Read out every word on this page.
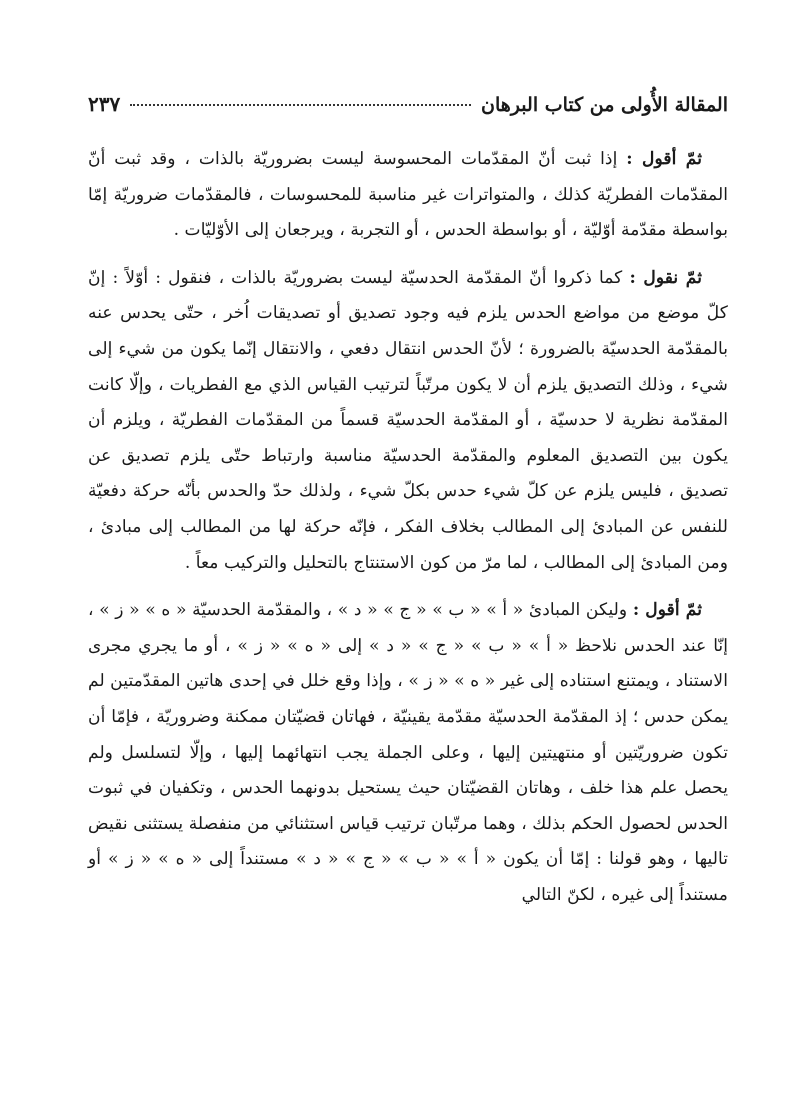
المقالة الأُولى من كتاب البرهان
٢٣٧

ثمّ أقول : إذا ثبت أنّ المقدّمات المحسوسة ليست بضروريّة بالذات ، وقد ثبت أنّ المقدّمات الفطريّة كذلك ، والمتواترات غير مناسبة للمحسوسات ، فالمقدّمات ضروريّة إمّا بواسطة مقدّمة أوّليّة ، أو بواسطة الحدس ، أو التجربة ، ويرجعان إلى الأوّليّات .

ثمّ نقول : كما ذكروا أنّ المقدّمة الحدسيّة ليست بضروريّة بالذات ، فنقول : أوّلاً : إنّ كلّ موضع من مواضع الحدس يلزم فيه وجود تصديق أو تصديقات اُخر ، حتّى يحدس عنه بالمقدّمة الحدسيّة بالضرورة ؛ لأنّ الحدس انتقال دفعي ، والانتقال إنّما يكون من شيء إلى شيء ، وذلك التصديق يلزم أن لا يكون مرتّباً لترتيب القياس الذي مع الفطريات ، وإلّا كانت المقدّمة نظرية لا حدسيّة ، أو المقدّمة الحدسيّة قسماً من المقدّمات الفطريّة ، ويلزم أن يكون بين التصديق المعلوم والمقدّمة الحدسيّة مناسبة وارتباط حتّى يلزم تصديق عن تصديق ، فليس يلزم عن كلّ شيء حدس بكلّ شيء ، ولذلك حدّ والحدس بأنّه حركة دفعيّة للنفس عن المبادئ إلى المطالب بخلاف الفكر ، فإنّه حركة لها من المطالب إلى مبادئ ، ومن المبادئ إلى المطالب ، لما مرّ من كون الاستنتاج بالتحليل والتركيب معاً .

ثمّ أقول : وليكن المبادئ « أ » « ب » « ج » « د » ، والمقدّمة الحدسيّة « ه » « ز » ، إنّا عند الحدس نلاحظ « أ » « ب » « ج » « د » إلى « ه » « ز » ، أو ما يجري مجرى الاستناد ، ويمتنع استناده إلى غير « ه » « ز » ، وإذا وقع خلل في إحدى هاتين المقدّمتين لم يمكن حدس ؛ إذ المقدّمة الحدسيّة مقدّمة يقينيّة ، فهاتان قضيّتان ممكنة وضروريّة ، فإمّا أن تكون ضروريّتين أو منتهيتين إليها ، وعلى الجملة يجب انتهائهما إليها ، وإلّا لتسلسل ولم يحصل علم هذا خلف ، وهاتان القضيّتان حيث يستحيل بدونهما الحدس ، وتكفيان في ثبوت الحدس لحصول الحكم بذلك ، وهما مرتّبان ترتيب قياس استثنائي من منفصلة يستثنى نقيض تاليها ، وهو قولنا : إمّا أن يكون « أ » « ب » « ج » « د » مستنداً إلى « ه » « ز » أو مستنداً إلى غيره ، لكنّ التالي
